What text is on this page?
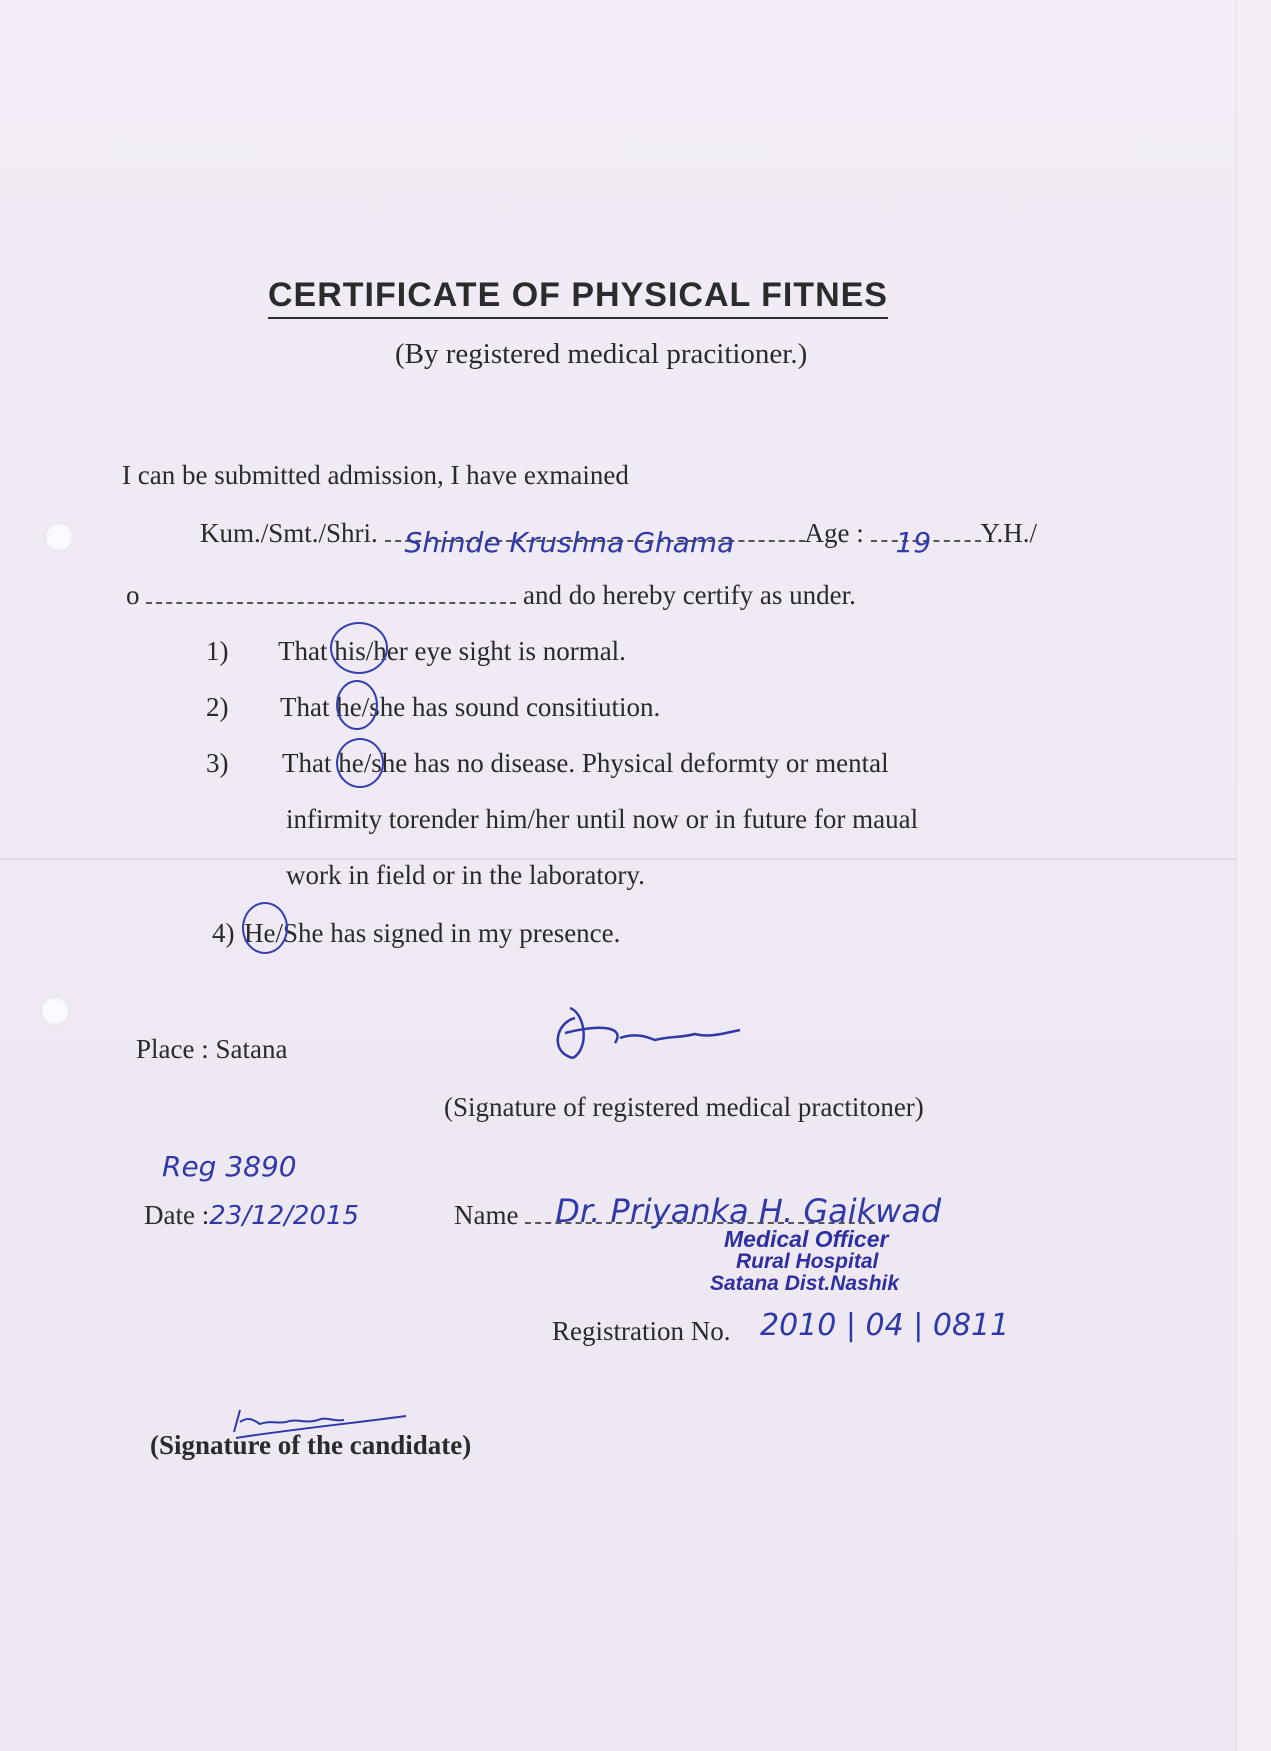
CERTIFICATE OF PHYSICAL FITNES
(By registered medical pracitioner.)
I can be submitted admission, I have exmained
Kum./Smt./Shri. Shinde Krushna Ghama	Age : 19 Y.H./
o	and do hereby certify as under.
1) That his/her eye sight is normal.
2) That he/she has sound consitiution.
3) That he/she has no disease. Physical deformty or mental
infirmity torender him/her until now or in future for maual
work in field or in the laboratory.
4) He/She has signed in my presence.
Place : Satana
(Signature of registered medical practitoner)
Reg 3890
Date :23/12/2015	Name Dr. Priyanka H. Gaikwad
Medical Officer
Rural Hospital
Satana Dist.Nashik
Registration No. 2010 | 04 | 0811
(Signature of the candidate)
